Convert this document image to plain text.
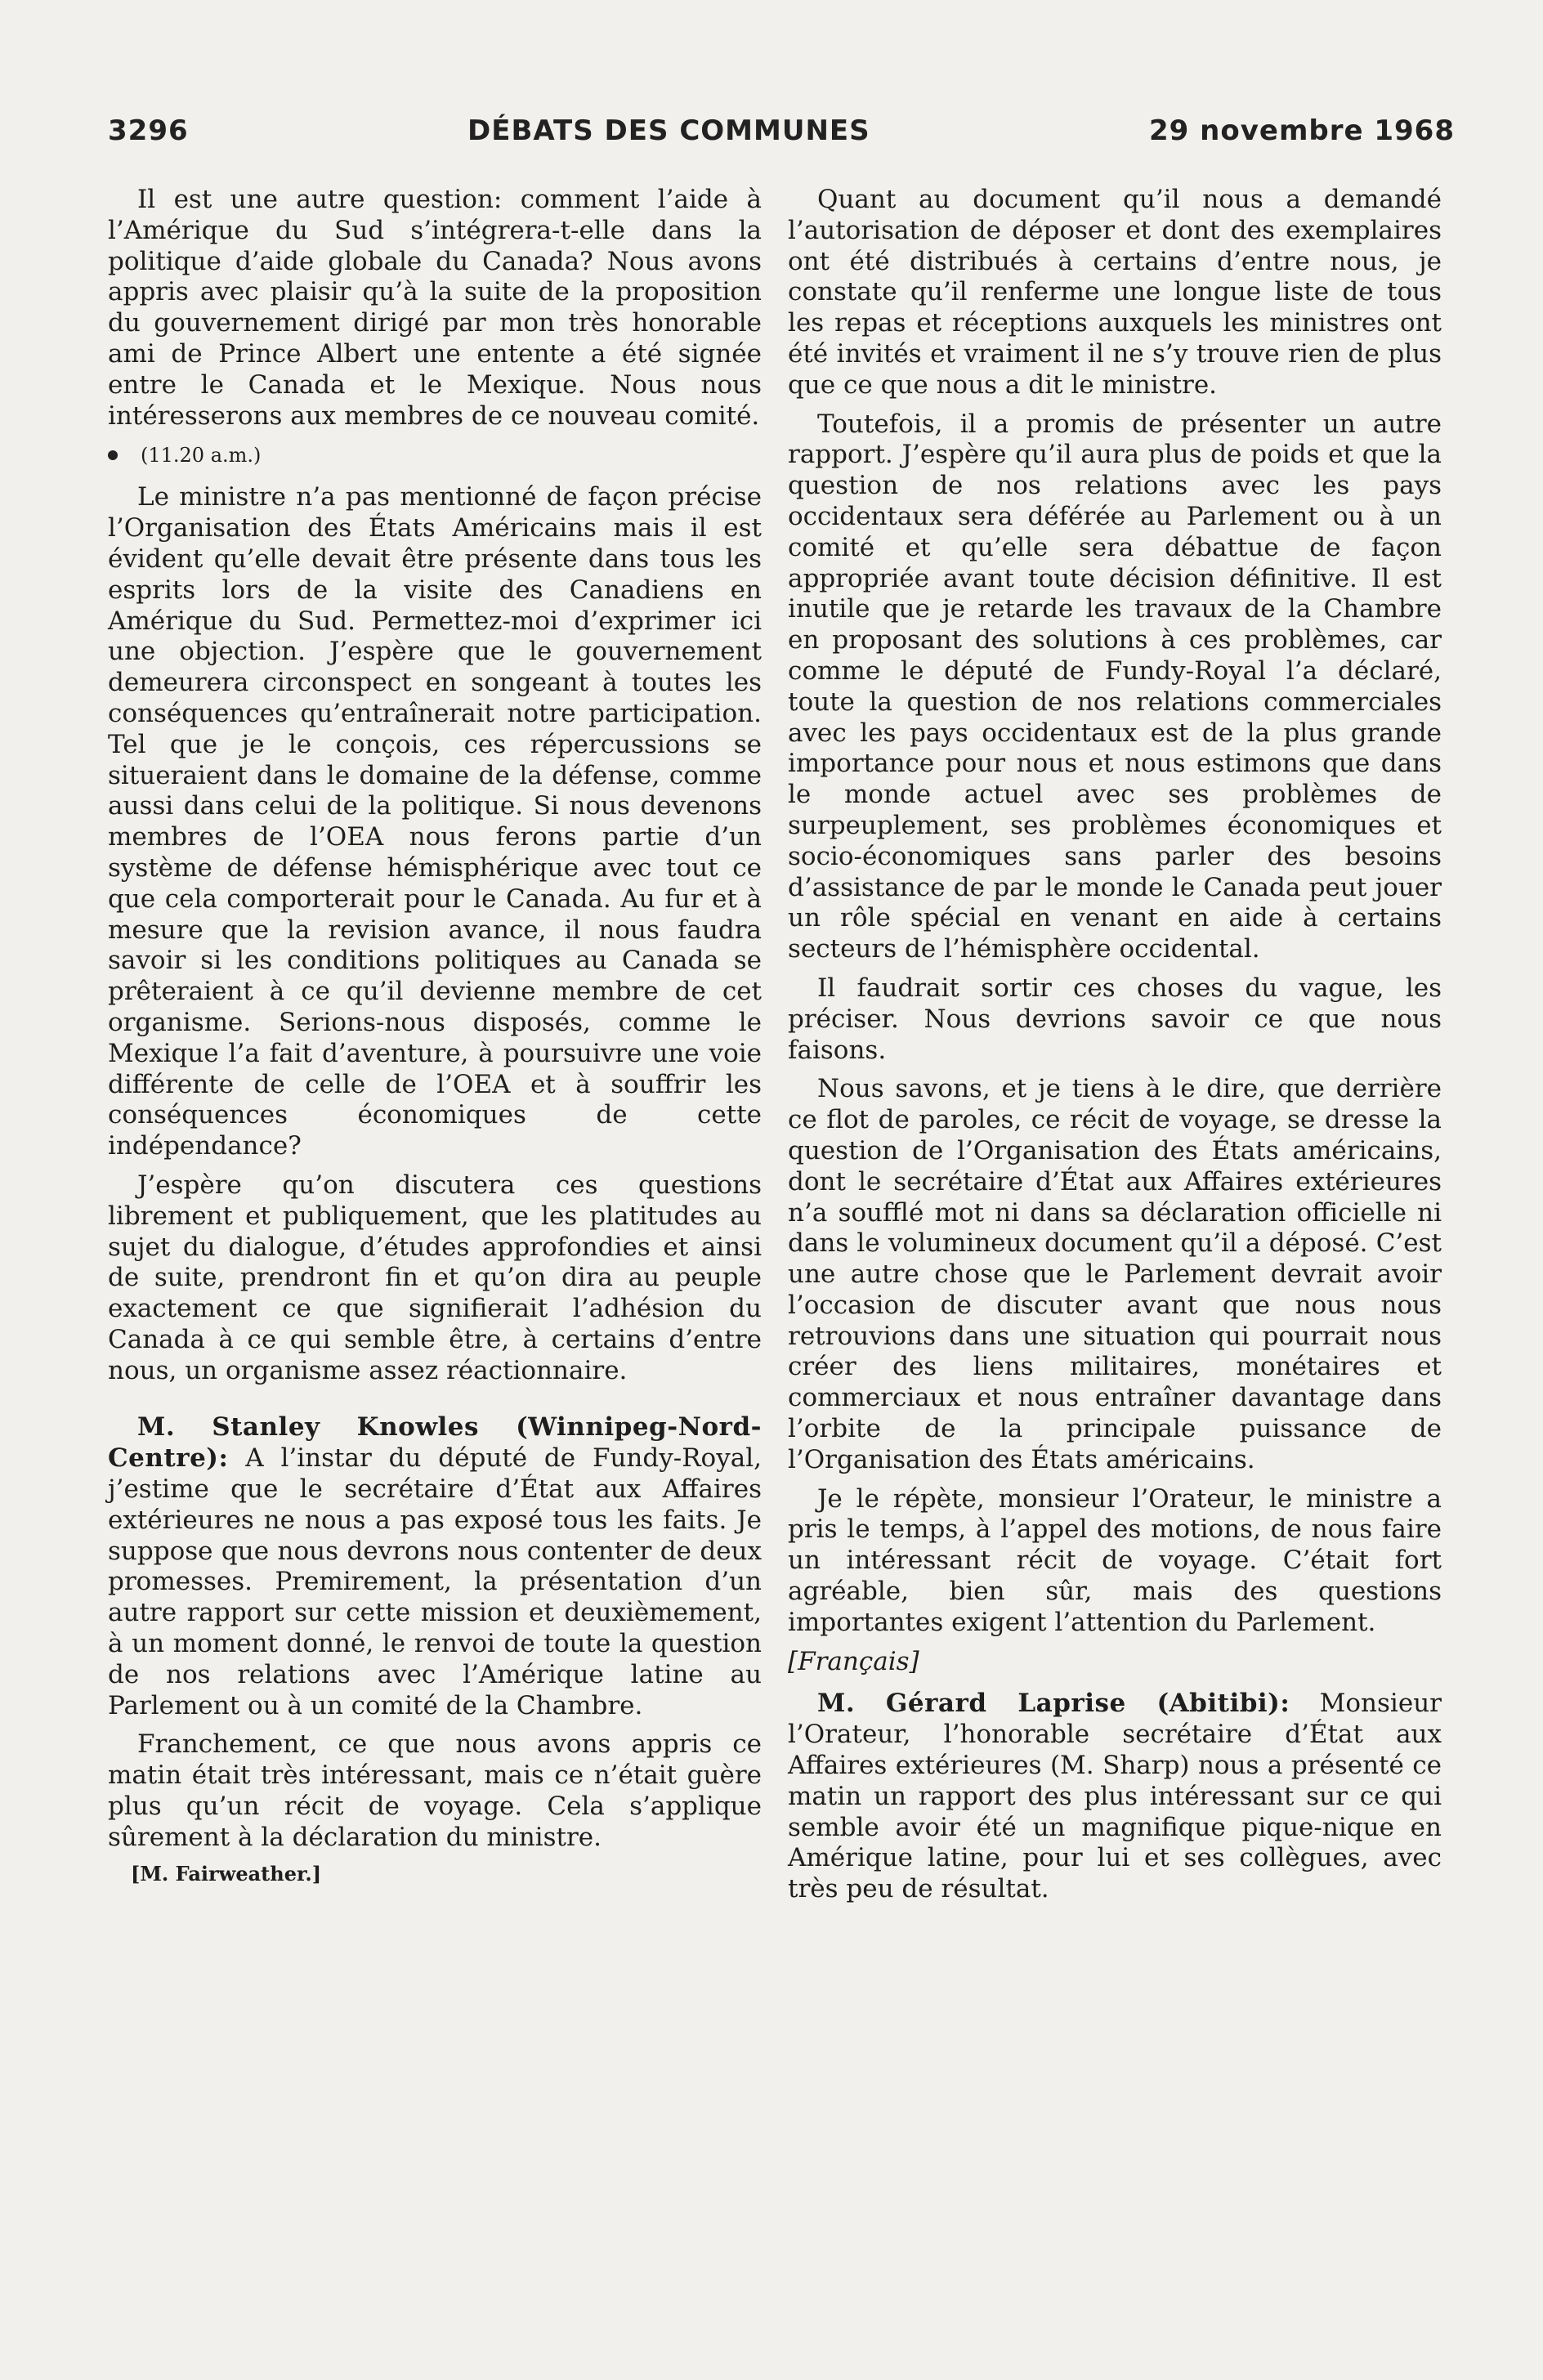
3296	DÉBATS DES COMMUNES	29 novembre 1968

Il est une autre question: comment l’aide à l’Amérique du Sud s’intégrera-t-elle dans la politique d’aide globale du Canada? Nous avons appris avec plaisir qu’à la suite de la proposition du gouvernement dirigé par mon très honorable ami de Prince Albert une entente a été signée entre le Canada et le Mexique. Nous nous intéresserons aux membres de ce nouveau comité.

(11.20 a.m.)

Le ministre n’a pas mentionné de façon précise l’Organisation des États Américains mais il est évident qu’elle devait être présente dans tous les esprits lors de la visite des Canadiens en Amérique du Sud. Permettez-moi d’exprimer ici une objection. J’espère que le gouvernement demeurera circonspect en songeant à toutes les conséquences qu’entraînerait notre participation. Tel que je le conçois, ces répercussions se situeraient dans le domaine de la défense, comme aussi dans celui de la politique. Si nous devenons membres de l’OEA nous ferons partie d’un système de défense hémisphérique avec tout ce que cela comporterait pour le Canada. Au fur et à mesure que la revision avance, il nous faudra savoir si les conditions politiques au Canada se prêteraient à ce qu’il devienne membre de cet organisme. Serions-nous disposés, comme le Mexique l’a fait d’aventure, à poursuivre une voie différente de celle de l’OEA et à souffrir les conséquences économiques de cette indépendance?

J’espère qu’on discutera ces questions librement et publiquement, que les platitudes au sujet du dialogue, d’études approfondies et ainsi de suite, prendront fin et qu’on dira au peuple exactement ce que signifierait l’adhésion du Canada à ce qui semble être, à certains d’entre nous, un organisme assez réactionnaire.

M. Stanley Knowles (Winnipeg-Nord-Centre): A l’instar du député de Fundy-Royal, j’estime que le secrétaire d’État aux Affaires extérieures ne nous a pas exposé tous les faits. Je suppose que nous devrons nous contenter de deux promesses. Premirement, la présentation d’un autre rapport sur cette mission et deuxièmement, à un moment donné, le renvoi de toute la question de nos relations avec l’Amérique latine au Parlement ou à un comité de la Chambre.

Franchement, ce que nous avons appris ce matin était très intéressant, mais ce n’était guère plus qu’un récit de voyage. Cela s’applique sûrement à la déclaration du ministre.

[M. Fairweather.]

Quant au document qu’il nous a demandé l’autorisation de déposer et dont des exemplaires ont été distribués à certains d’entre nous, je constate qu’il renferme une longue liste de tous les repas et réceptions auxquels les ministres ont été invités et vraiment il ne s’y trouve rien de plus que ce que nous a dit le ministre.

Toutefois, il a promis de présenter un autre rapport. J’espère qu’il aura plus de poids et que la question de nos relations avec les pays occidentaux sera déférée au Parlement ou à un comité et qu’elle sera débattue de façon appropriée avant toute décision définitive. Il est inutile que je retarde les travaux de la Chambre en proposant des solutions à ces problèmes, car comme le député de Fundy-Royal l’a déclaré, toute la question de nos relations commerciales avec les pays occidentaux est de la plus grande importance pour nous et nous estimons que dans le monde actuel avec ses problèmes de surpeuplement, ses problèmes économiques et socio-économiques sans parler des besoins d’assistance de par le monde le Canada peut jouer un rôle spécial en venant en aide à certains secteurs de l’hémisphère occidental.

Il faudrait sortir ces choses du vague, les préciser. Nous devrions savoir ce que nous faisons.

Nous savons, et je tiens à le dire, que derrière ce flot de paroles, ce récit de voyage, se dresse la question de l’Organisation des États américains, dont le secrétaire d’État aux Affaires extérieures n’a soufflé mot ni dans sa déclaration officielle ni dans le volumineux document qu’il a déposé. C’est une autre chose que le Parlement devrait avoir l’occasion de discuter avant que nous nous retrouvions dans une situation qui pourrait nous créer des liens militaires, monétaires et commerciaux et nous entraîner davantage dans l’orbite de la principale puissance de l’Organisation des États américains.

Je le répète, monsieur l’Orateur, le ministre a pris le temps, à l’appel des motions, de nous faire un intéressant récit de voyage. C’était fort agréable, bien sûr, mais des questions importantes exigent l’attention du Parlement.

[Français]

M. Gérard Laprise (Abitibi): Monsieur l’Orateur, l’honorable secrétaire d’État aux Affaires extérieures (M. Sharp) nous a présenté ce matin un rapport des plus intéressant sur ce qui semble avoir été un magnifique pique-nique en Amérique latine, pour lui et ses collègues, avec très peu de résultat.
